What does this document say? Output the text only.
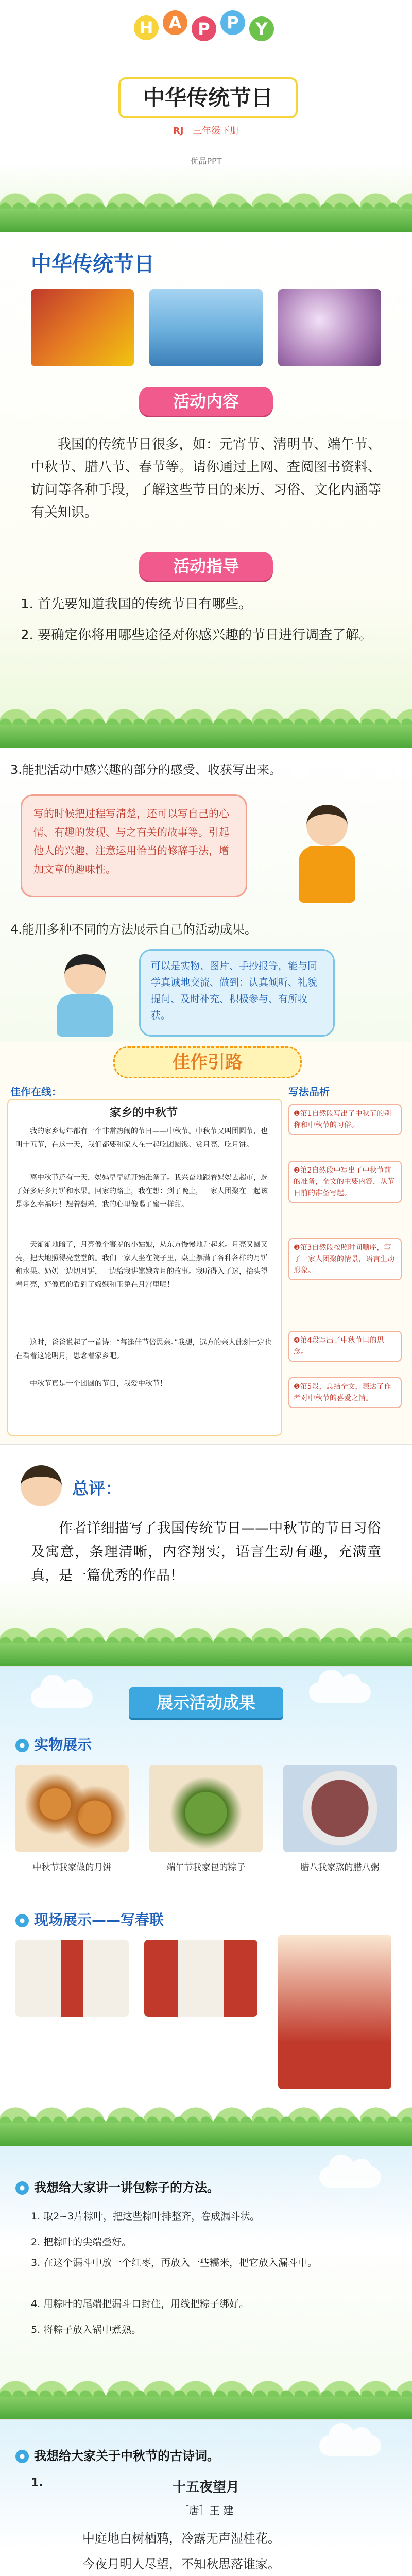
H A P	P	Y
中华传统节日
RJ 三年级下册
优品PPT
中华传统节日
活动内容
我国的传统节日很多，如：元宵节、清明节、端午节、中秋节、腊八节、春节等。请你通过上网、查阅图书资料、访问等各种手段，了解这些节日的来历、习俗、文化内涵等有关知识。
活动指导
1. 首先要知道我国的传统节日有哪些。
2. 要确定你将用哪些途径对你感兴趣的节日进行调查了解。
3.能把活动中感兴趣的部分的感受、收获写出来。
写的时候把过程写清楚，还可以写自己的心情、有趣的发现、与之有关的故事等。引起他人的兴趣，注意运用恰当的修辞手法，增加文章的趣味性。
4.能用多种不同的方法展示自己的活动成果。
可以是实物、图片、手抄报等，能与同学真诚地交流、做到：认真倾听、礼貌提问、及时补充、积极参与、有所收获。
佳作引路
佳作在线：	写法品析
家乡的中秋节
我的家乡每年都有一个非常热闹的节日——中秋节。中秋节又叫团圆节，也叫十五节，在这一天，我们都要和家人在一起吃团圆饭、赏月亮、吃月饼。
离中秋节还有一天，妈妈早早就开始准备了。我兴奋地跟着妈妈去超市，选了好多好多月饼和水果。回家的路上，我在想：到了晚上，一家人团聚在一起该是多么幸福呀！想着想着，我的心里像喝了蜜一样甜。
天渐渐地暗了，月亮像个害羞的小姑娘，从东方慢慢地升起来。月亮又圆又亮，把大地照得亮堂堂的。我们一家人坐在院子里，桌上摆满了各种各样的月饼和水果。奶奶一边切月饼，一边给我讲嫦娥奔月的故事。我听得入了迷，抬头望着月亮，好像真的看到了嫦娥和玉兔在月宫里呢！
这时，爸爸说起了一首诗：“每逢佳节倍思亲。”我想，远方的亲人此刻一定也在看着这轮明月，思念着家乡吧。
中秋节真是一个团圆的节日，我爱中秋节！
❶第1自然段写出了中秋节的别称和中秋节的习俗。
❷第2自然段中写出了中秋节前的准备，全文的主要内容，从节日前的准备写起。
❸第3自然段按照时间顺序，写了一家人团聚的情景，语言生动形象。
❹第4段写出了中秋节里的思念。
❺第5段，总结全文，表达了作者对中秋节的喜爱之情。
总评：
作者详细描写了我国传统节日——中秋节的节日习俗及寓意，条理清晰，内容翔实，语言生动有趣，充满童真，是一篇优秀的作品！
展示活动成果
实物展示
中秋节我家做的月饼	端午节我家包的粽子	腊八我家熬的腊八粥
现场展示——写春联
我想给大家讲一讲包粽子的方法。
1. 取2~3片粽叶，把这些粽叶排整齐，卷成漏斗状。
2. 把粽叶的尖端叠好。
3. 在这个漏斗中放一个红枣，再放入一些糯米，把它放入漏斗中。
4. 用粽叶的尾端把漏斗口封住，用线把粽子绑好。
5. 将粽子放入锅中煮熟。
我想给大家关于中秋节的古诗词。
1.	十五夜望月
［唐］王 建
中庭地白树栖鸦，冷露无声湿桂花。
今夜月明人尽望，不知秋思落谁家。
